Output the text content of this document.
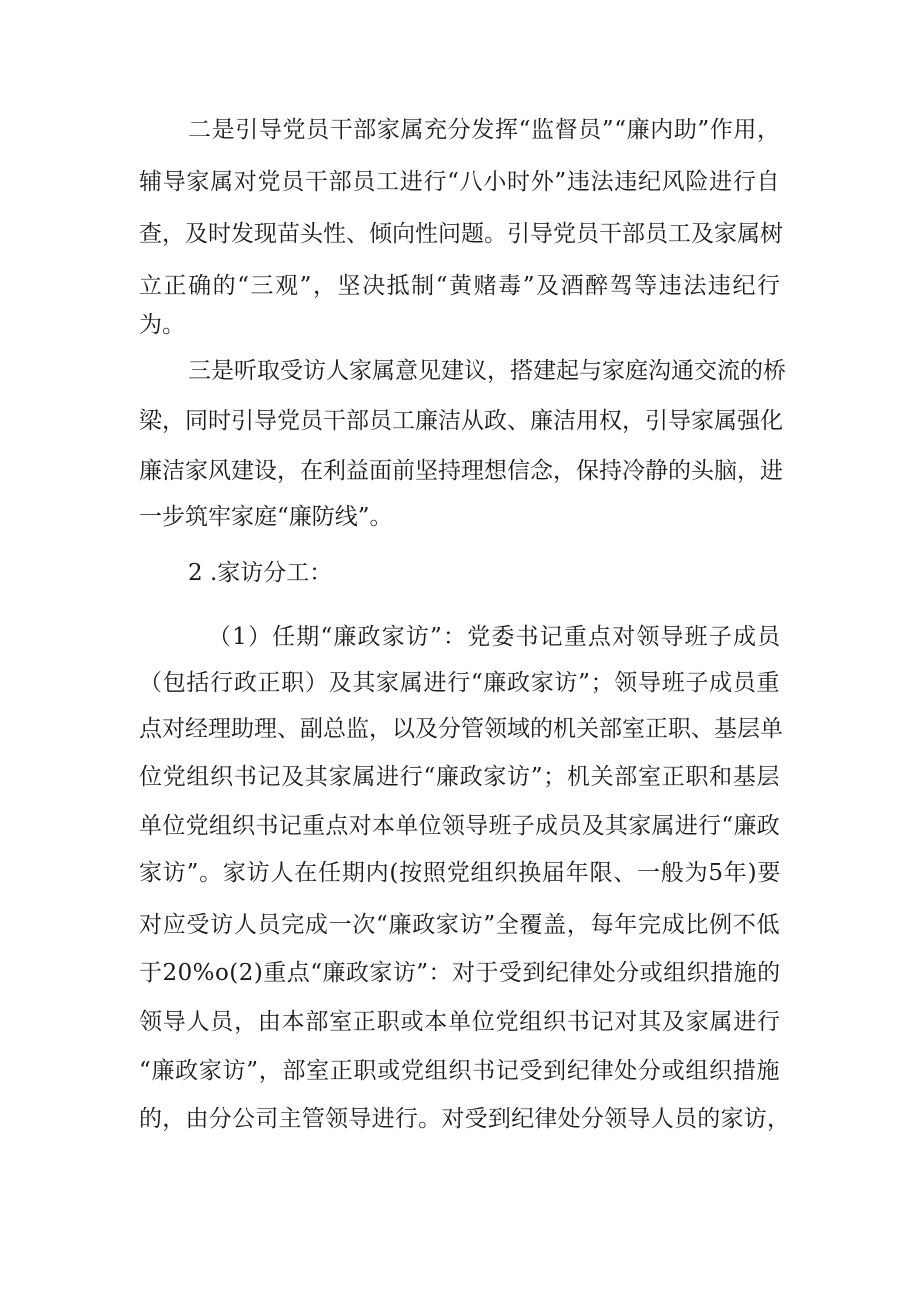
二是引导党员干部家属充分发挥“监督员”“廉内助”作用，
辅导家属对党员干部员工进行“八小时外”违法违纪风险进行自
查，及时发现苗头性、倾向性问题。引导党员干部员工及家属树
立正确的“三观”，坚决抵制“黄赌毒”及酒醉驾等违法违纪行
为。
三是听取受访人家属意见建议，搭建起与家庭沟通交流的桥
梁，同时引导党员干部员工廉洁从政、廉洁用权，引导家属强化
廉洁家风建设，在利益面前坚持理想信念，保持冷静的头脑，进
一步筑牢家庭“廉防线”。
2 .家访分工：
（1）任期“廉政家访”：党委书记重点对领导班子成员
（包括行政正职）及其家属进行“廉政家访”；领导班子成员重
点对经理助理、副总监，以及分管领域的机关部室正职、基层单
位党组织书记及其家属进行“廉政家访”；机关部室正职和基层
单位党组织书记重点对本单位领导班子成员及其家属进行“廉政
家访”。家访人在任期内(按照党组织换届年限、一般为5年)要
对应受访人员完成一次“廉政家访”全覆盖，每年完成比例不低
于20%o(2)重点“廉政家访”：对于受到纪律处分或组织措施的
领导人员，由本部室正职或本单位党组织书记对其及家属进行
“廉政家访”，部室正职或党组织书记受到纪律处分或组织措施
的，由分公司主管领导进行。对受到纪律处分领导人员的家访，
